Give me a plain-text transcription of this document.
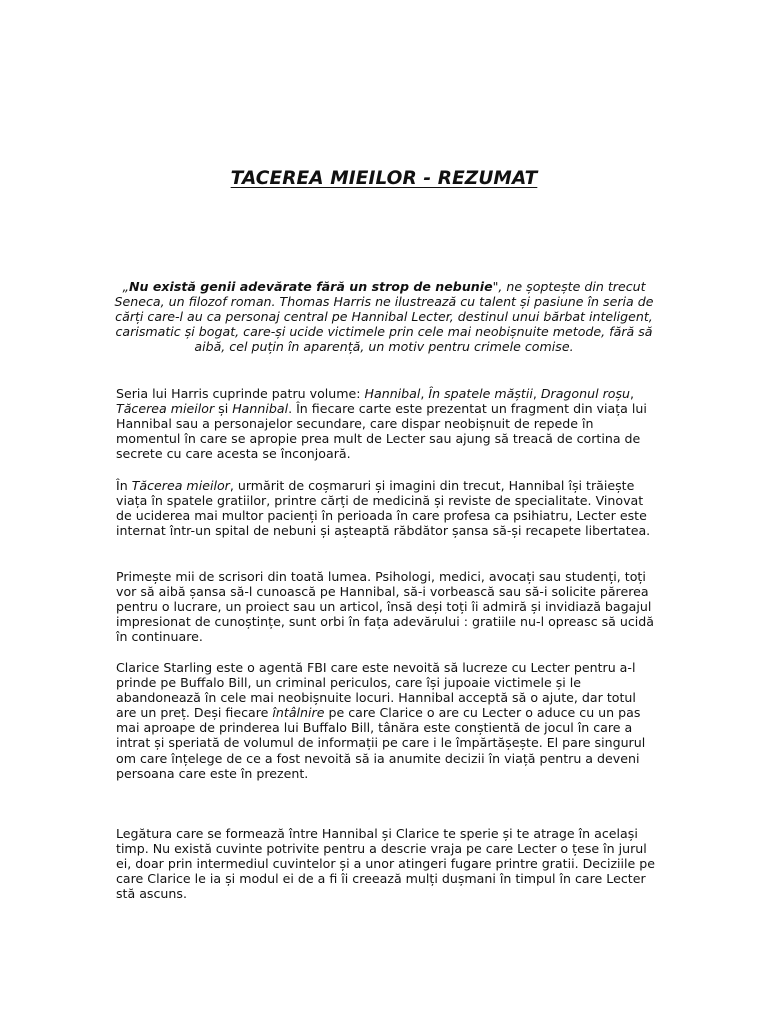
TACEREA MIEILOR - REZUMAT
„Nu există genii adevărate fără un strop de nebunie", ne șoptește din trecut Seneca, un filozof roman. Thomas Harris ne ilustrează cu talent și pasiune în seria de cărți care-l au ca personaj central pe Hannibal Lecter, destinul unui bărbat inteligent, carismatic și bogat, care-și ucide victimele prin cele mai neobișnuite metode, fără să aibă, cel puțin în aparență, un motiv pentru crimele comise.

Seria lui Harris cuprinde patru volume: Hannibal, În spatele măștii, Dragonul roșu, Tăcerea mieilor și Hannibal. În fiecare carte este prezentat un fragment din viața lui Hannibal sau a personajelor secundare, care dispar neobișnuit de repede în momentul în care se apropie prea mult de Lecter sau ajung să treacă de cortina de secrete cu care acesta se înconjoară.

În Tăcerea mieilor, urmărit de coșmaruri și imagini din trecut, Hannibal își trăiește viața în spatele gratiilor, printre cărți de medicină și reviste de specialitate. Vinovat de uciderea mai multor pacienți în perioada în care profesa ca psihiatru, Lecter este internat într-un spital de nebuni și așteaptă răbdător șansa să-și recapete libertatea.

Primește mii de scrisori din toată lumea. Psihologi, medici, avocați sau studenți, toți vor să aibă șansa să-l cunoască pe Hannibal, să-i vorbească sau să-i solicite părerea pentru o lucrare, un proiect sau un articol, însă deși toți îi admiră și invidiază bagajul impresionat de cunoștințe, sunt orbi în fața adevărului : gratiile nu-l opreasc să ucidă în continuare.

Clarice Starling este o agentă FBI care este nevoită să lucreze cu Lecter pentru a-l prinde pe Buffalo Bill, un criminal periculos, care își jupoaie victimele și le abandonează în cele mai neobișnuite locuri. Hannibal acceptă să o ajute, dar totul are un preț. Deși fiecare întâlnire pe care Clarice o are cu Lecter o aduce cu un pas mai aproape de prinderea lui Buffalo Bill, tânăra este conștientă de jocul în care a intrat și speriată de volumul de informații pe care i le împărtășește. El pare singurul om care înțelege de ce a fost nevoită să ia anumite decizii în viață pentru a deveni persoana care este în prezent.

Legătura care se formează între Hannibal și Clarice te sperie și te atrage în același timp. Nu există cuvinte potrivite pentru a descrie vraja pe care Lecter o țese în jurul ei, doar prin intermediul cuvintelor și a unor atingeri fugare printre gratii. Deciziile pe care Clarice le ia și modul ei de a fi îi creează mulți dușmani în timpul în care Lecter stă ascuns.
